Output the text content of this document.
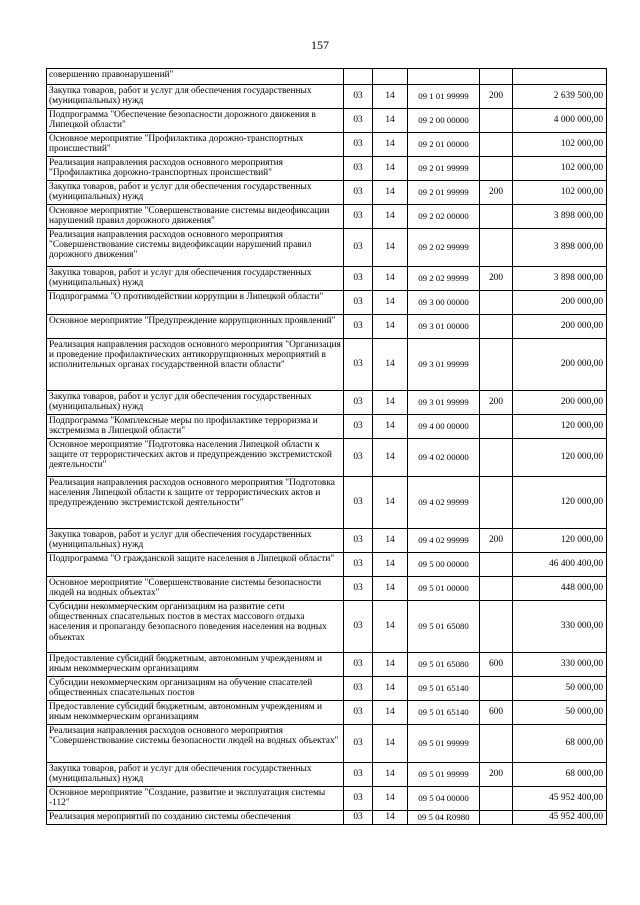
157
совершению правонарушений"					
Закупка товаров, работ и услуг для обеспечения государственных (муниципальных) нужд	03	14	09 1 01 99999	200	2 639 500,00
Подпрограмма "Обеспечение безопасности дорожного движения в Липецкой области"	03	14	09 2 00 00000		4 000 000,00
Основное мероприятие "Профилактика дорожно-транспортных происшествий"	03	14	09 2 01 00000		102 000,00
Реализация направления расходов основного мероприятия "Профилактика дорожно-транспортных происшествий"	03	14	09 2 01 99999		102 000,00
Закупка товаров, работ и услуг для обеспечения государственных (муниципальных) нужд	03	14	09 2 01 99999	200	102 000,00
Основное мероприятие "Совершенствование системы видеофиксации нарушений правил дорожного движения"	03	14	09 2 02 00000		3 898 000,00
Реализация направления расходов основного мероприятия "Совершенствование системы видеофиксации нарушений правил дорожного движения"	03	14	09 2 02 99999		3 898 000,00
Закупка товаров, работ и услуг для обеспечения государственных (муниципальных) нужд	03	14	09 2 02 99999	200	3 898 000,00
Подпрограмма "О противодействии коррупции в Липецкой области"	03	14	09 3 00 00000		200 000,00
Основное мероприятие "Предупреждение коррупционных проявлений"	03	14	09 3 01 00000		200 000,00
Реализация направления расходов основного мероприятия "Организация и проведение профилактических антикоррупционных мероприятий в исполнительных органах государственной власти области"	03	14	09 3 01 99999		200 000,00
Закупка товаров, работ и услуг для обеспечения государственных (муниципальных) нужд	03	14	09 3 01 99999	200	200 000,00
Подпрограмма "Комплексные меры по профилактике терроризма и экстремизма в Липецкой области"	03	14	09 4 00 00000		120 000,00
Основное мероприятие "Подготовка населения Липецкой области к защите от террористических актов и предупреждению экстремистской деятельности"	03	14	09 4 02 00000		120 000,00
Реализация направления расходов основного мероприятия "Подготовка населения Липецкой области к защите от террористических актов и предупреждению экстремистской деятельности"	03	14	09 4 02 99999		120 000,00
Закупка товаров, работ и услуг для обеспечения государственных (муниципальных) нужд	03	14	09 4 02 99999	200	120 000,00
Подпрограмма "О гражданской защите населения в Липецкой области"	03	14	09 5 00 00000		46 400 400,00
Основное мероприятие "Совершенствование системы безопасности людей на водных объектах"	03	14	09 5 01 00000		448 000,00
Субсидии некоммерческим организациям на развитие сети общественных спасательных постов в местах массового отдыха населения и пропаганду безопасного поведения населения на водных объектах	03	14	09 5 01 65080		330 000,00
Предоставление субсидий бюджетным, автономным учреждениям и иным некоммерческим организациям	03	14	09 5 01 65080	600	330 000,00
Субсидии некоммерческим организациям на обучение спасателей общественных спасательных постов	03	14	09 5 01 65140		50 000,00
Предоставление субсидий бюджетным, автономным учреждениям и иным некоммерческим организациям	03	14	09 5 01 65140	600	50 000,00
Реализация направления расходов основного мероприятия "Совершенствование системы безопасности людей на водных объектах"	03	14	09 5 01 99999		68 000,00
Закупка товаров, работ и услуг для обеспечения государственных (муниципальных) нужд	03	14	09 5 01 99999	200	68 000,00
Основное мероприятие "Создание, развитие и эксплуатация системы -112"	03	14	09 5 04 00000		45 952 400,00
Реализация мероприятий по созданию системы обеспечения	03	14	09 5 04 R0980		45 952 400,00
